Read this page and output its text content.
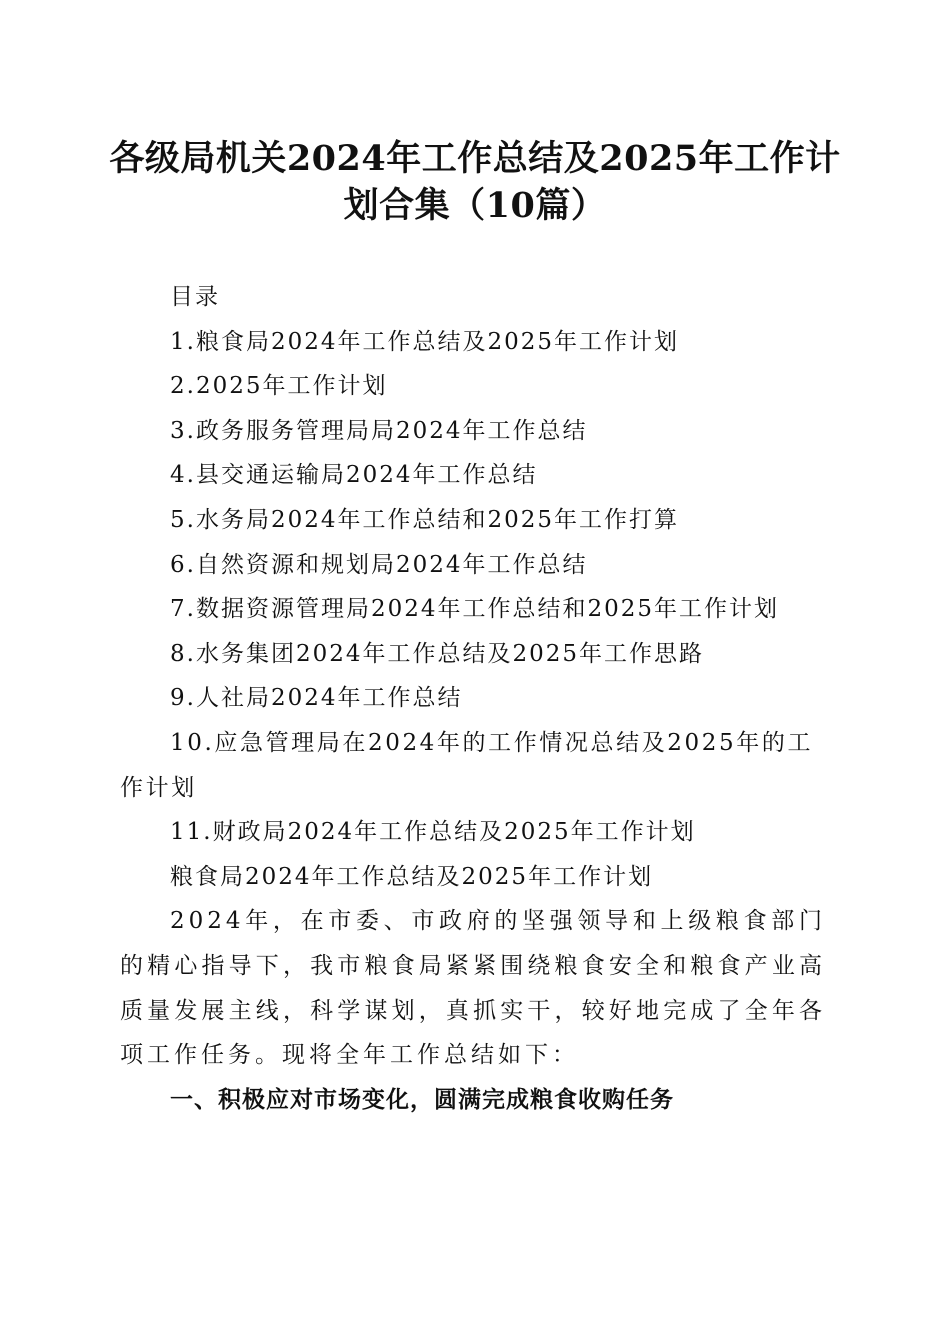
各级局机关2024年工作总结及2025年工作计划合集（10篇）
目录
1.粮食局2024年工作总结及2025年工作计划
2.2025年工作计划
3.政务服务管理局局2024年工作总结
4.县交通运输局2024年工作总结
5.水务局2024年工作总结和2025年工作打算
6.自然资源和规划局2024年工作总结
7.数据资源管理局2024年工作总结和2025年工作计划
8.水务集团2024年工作总结及2025年工作思路
9.人社局2024年工作总结
10.应急管理局在2024年的工作情况总结及2025年的工作计划
11.财政局2024年工作总结及2025年工作计划
粮食局2024年工作总结及2025年工作计划
2024年，在市委、市政府的坚强领导和上级粮食部门的精心指导下，我市粮食局紧紧围绕粮食安全和粮食产业高质量发展主线，科学谋划，真抓实干，较好地完成了全年各项工作任务。现将全年工作总结如下：
一、积极应对市场变化，圆满完成粮食收购任务
